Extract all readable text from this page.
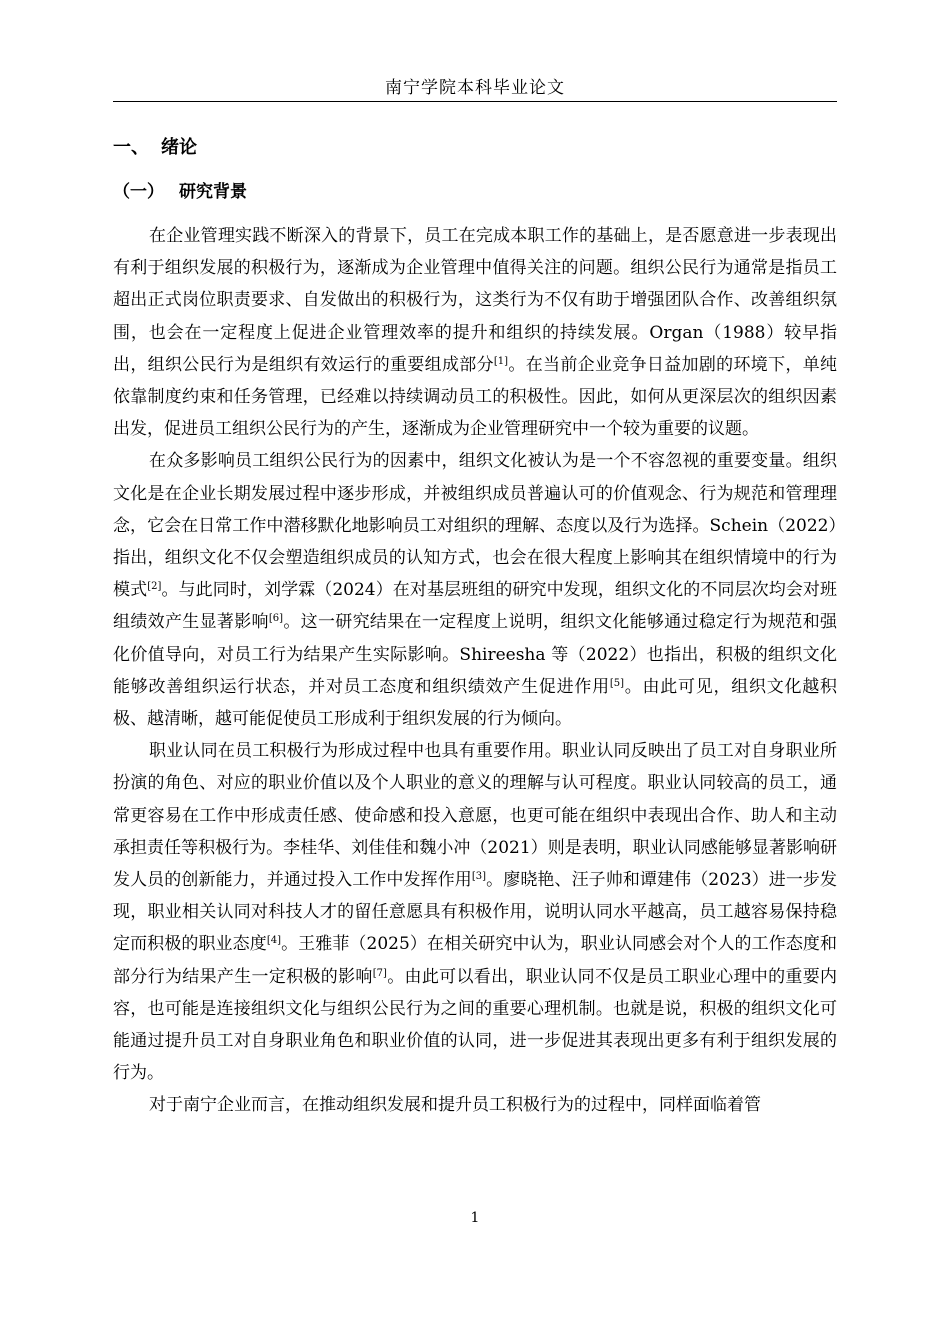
南宁学院本科毕业论文
一、 绪论
（一） 研究背景

在企业管理实践不断深入的背景下，员工在完成本职工作的基础上，是否愿意进一步表现出有利于组织发展的积极行为，逐渐成为企业管理中值得关注的问题。组织公民行为通常是指员工超出正式岗位职责要求、自发做出的积极行为，这类行为不仅有助于增强团队合作、改善组织氛围，也会在一定程度上促进企业管理效率的提升和组织的持续发展。Organ（1988）较早指出，组织公民行为是组织有效运行的重要组成部分[1]。在当前企业竞争日益加剧的环境下，单纯依靠制度约束和任务管理，已经难以持续调动员工的积极性。因此，如何从更深层次的组织因素出发，促进员工组织公民行为的产生，逐渐成为企业管理研究中一个较为重要的议题。

在众多影响员工组织公民行为的因素中，组织文化被认为是一个不容忽视的重要变量。组织文化是在企业长期发展过程中逐步形成，并被组织成员普遍认可的价值观念、行为规范和管理理念，它会在日常工作中潜移默化地影响员工对组织的理解、态度以及行为选择。Schein（2022）指出，组织文化不仅会塑造组织成员的认知方式，也会在很大程度上影响其在组织情境中的行为模式[2]。与此同时，刘学霖（2024）在对基层班组的研究中发现，组织文化的不同层次均会对班组绩效产生显著影响[6]。这一研究结果在一定程度上说明，组织文化能够通过稳定行为规范和强化价值导向，对员工行为结果产生实际影响。Shireesha 等（2022）也指出，积极的组织文化能够改善组织运行状态，并对员工态度和组织绩效产生促进作用[5]。由此可见，组织文化越积极、越清晰，越可能促使员工形成利于组织发展的行为倾向。

职业认同在员工积极行为形成过程中也具有重要作用。职业认同反映出了员工对自身职业所扮演的角色、对应的职业价值以及个人职业的意义的理解与认可程度。职业认同较高的员工，通常更容易在工作中形成责任感、使命感和投入意愿，也更可能在组织中表现出合作、助人和主动承担责任等积极行为。李桂华、刘佳佳和魏小冲（2021）则是表明，职业认同感能够显著影响研发人员的创新能力，并通过投入工作中发挥作用[3]。廖晓艳、汪子帅和谭建伟（2023）进一步发现，职业相关认同对科技人才的留任意愿具有积极作用，说明认同水平越高，员工越容易保持稳定而积极的职业态度[4]。王雅菲（2025）在相关研究中认为，职业认同感会对个人的工作态度和部分行为结果产生一定积极的影响[7]。由此可以看出，职业认同不仅是员工职业心理中的重要内容，也可能是连接组织文化与组织公民行为之间的重要心理机制。也就是说，积极的组织文化可能通过提升员工对自身职业角色和职业价值的认同，进一步促进其表现出更多有利于组织发展的行为。

对于南宁企业而言，在推动组织发展和提升员工积极行为的过程中，同样面临着管

1
